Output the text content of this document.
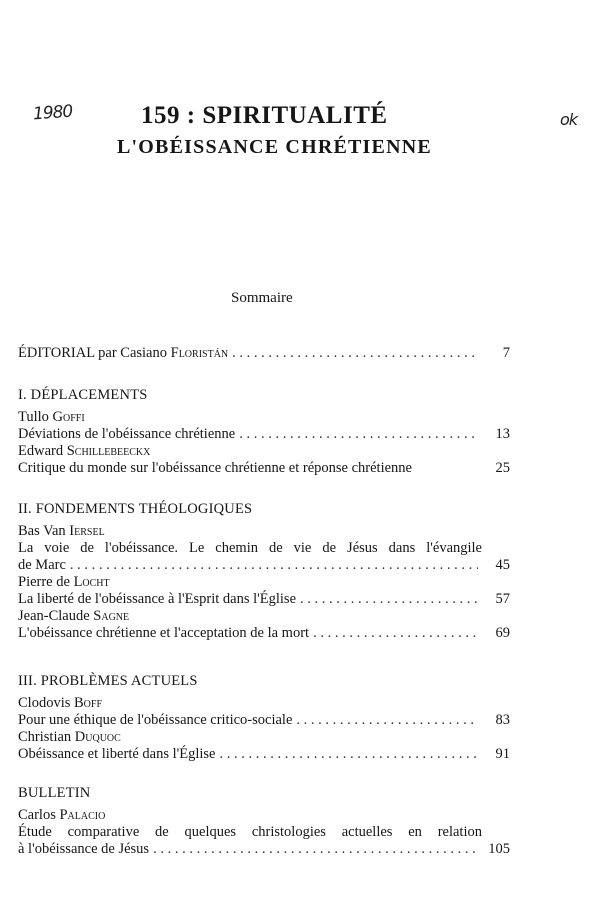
1980	ok
159 : SPIRITUALITÉ
L'OBÉISSANCE CHRÉTIENNE
Sommaire
ÉDITORIAL par Casiano Floristán . . .	7
I. DÉPLACEMENTS
Tullo Goffi
Déviations de l'obéissance chrétienne . . .	13
Edward Schillebeeckx
Critique du monde sur l'obéissance chrétienne et réponse chrétienne	25
II. FONDEMENTS THÉOLOGIQUES
Bas Van Iersel
La voie de l'obéissance. Le chemin de vie de Jésus dans l'évangile
de Marc . . .	45
Pierre de Locht
La liberté de l'obéissance à l'Esprit dans l'Église . . .	57
Jean-Claude Sagne
L'obéissance chrétienne et l'acceptation de la mort . . .	69
III. PROBLÈMES ACTUELS
Clodovis Boff
Pour une éthique de l'obéissance critico-sociale . . .	83
Christian Duquoc
Obéissance et liberté dans l'Église . . .	91
BULLETIN
Carlos Palacio
Étude comparative de quelques christologies actuelles en relation
à l'obéissance de Jésus . . .	105
